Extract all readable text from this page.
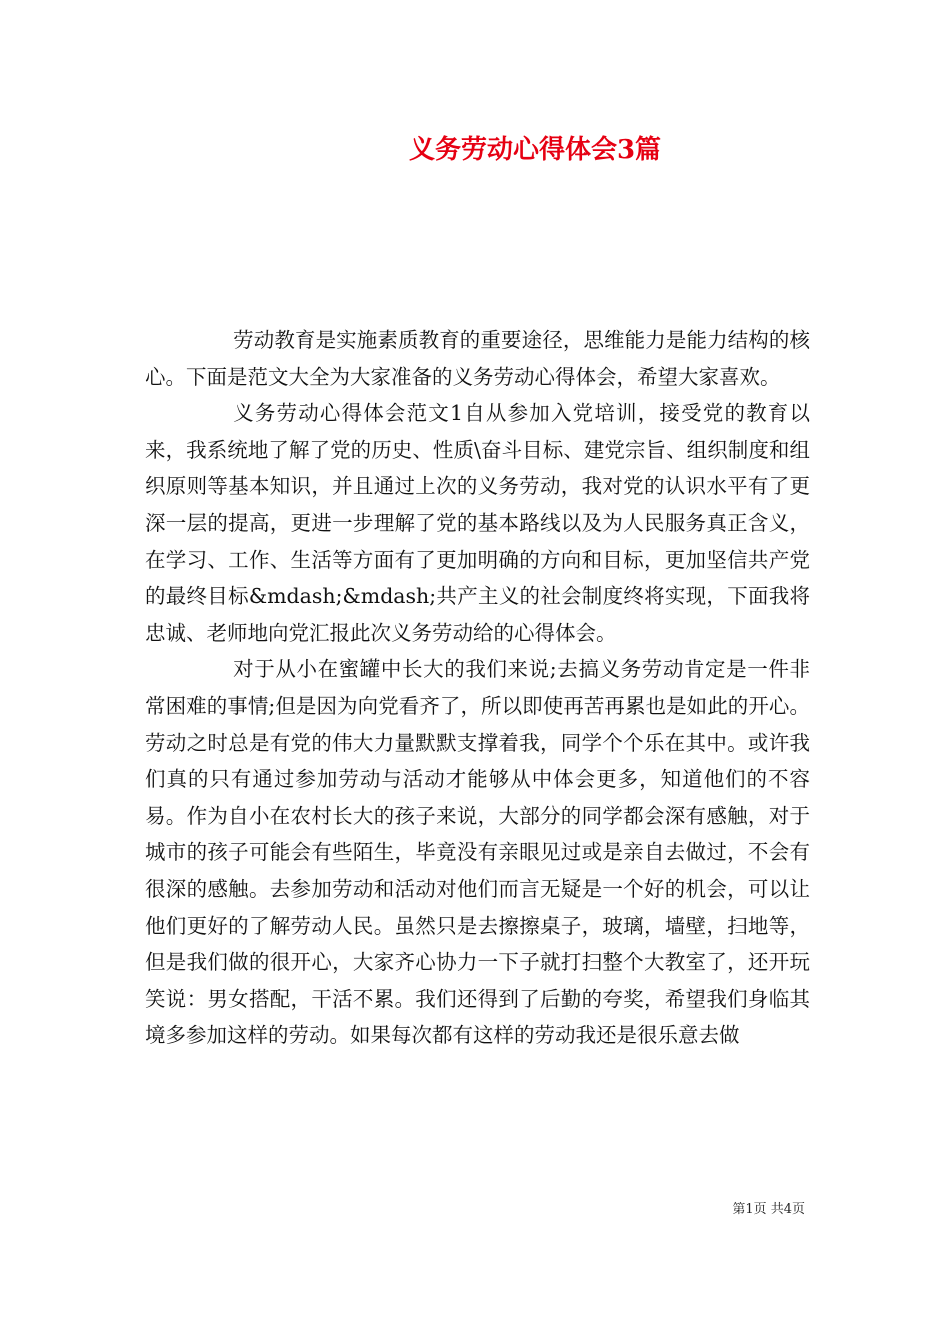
义务劳动心得体会3篇

劳动教育是实施素质教育的重要途径，思维能力是能力结构的核心。下面是范文大全为大家准备的义务劳动心得体会，希望大家喜欢。

义务劳动心得体会范文1自从参加入党培训，接受党的教育以来，我系统地了解了党的历史、性质\奋斗目标、建党宗旨、组织制度和组织原则等基本知识，并且通过上次的义务劳动，我对党的认识水平有了更深一层的提高，更进一步理解了党的基本路线以及为人民服务真正含义，在学习、工作、生活等方面有了更加明确的方向和目标，更加坚信共产党的最终目标&mdash;&mdash;共产主义的社会制度终将实现，下面我将忠诚、老师地向党汇报此次义务劳动给的心得体会。

对于从小在蜜罐中长大的我们来说;去搞义务劳动肯定是一件非常困难的事情;但是因为向党看齐了，所以即使再苦再累也是如此的开心。劳动之时总是有党的伟大力量默默支撑着我，同学个个乐在其中。或许我们真的只有通过参加劳动与活动才能够从中体会更多，知道他们的不容易。作为自小在农村长大的孩子来说，大部分的同学都会深有感触，对于城市的孩子可能会有些陌生，毕竟没有亲眼见过或是亲自去做过，不会有很深的感触。去参加劳动和活动对他们而言无疑是一个好的机会，可以让他们更好的了解劳动人民。虽然只是去擦擦桌子，玻璃，墙壁，扫地等，但是我们做的很开心，大家齐心协力一下子就打扫整个大教室了，还开玩笑说：男女搭配，干活不累。我们还得到了后勤的夸奖，希望我们身临其境多参加这样的劳动。如果每次都有这样的劳动我还是很乐意去做

第1页 共4页
